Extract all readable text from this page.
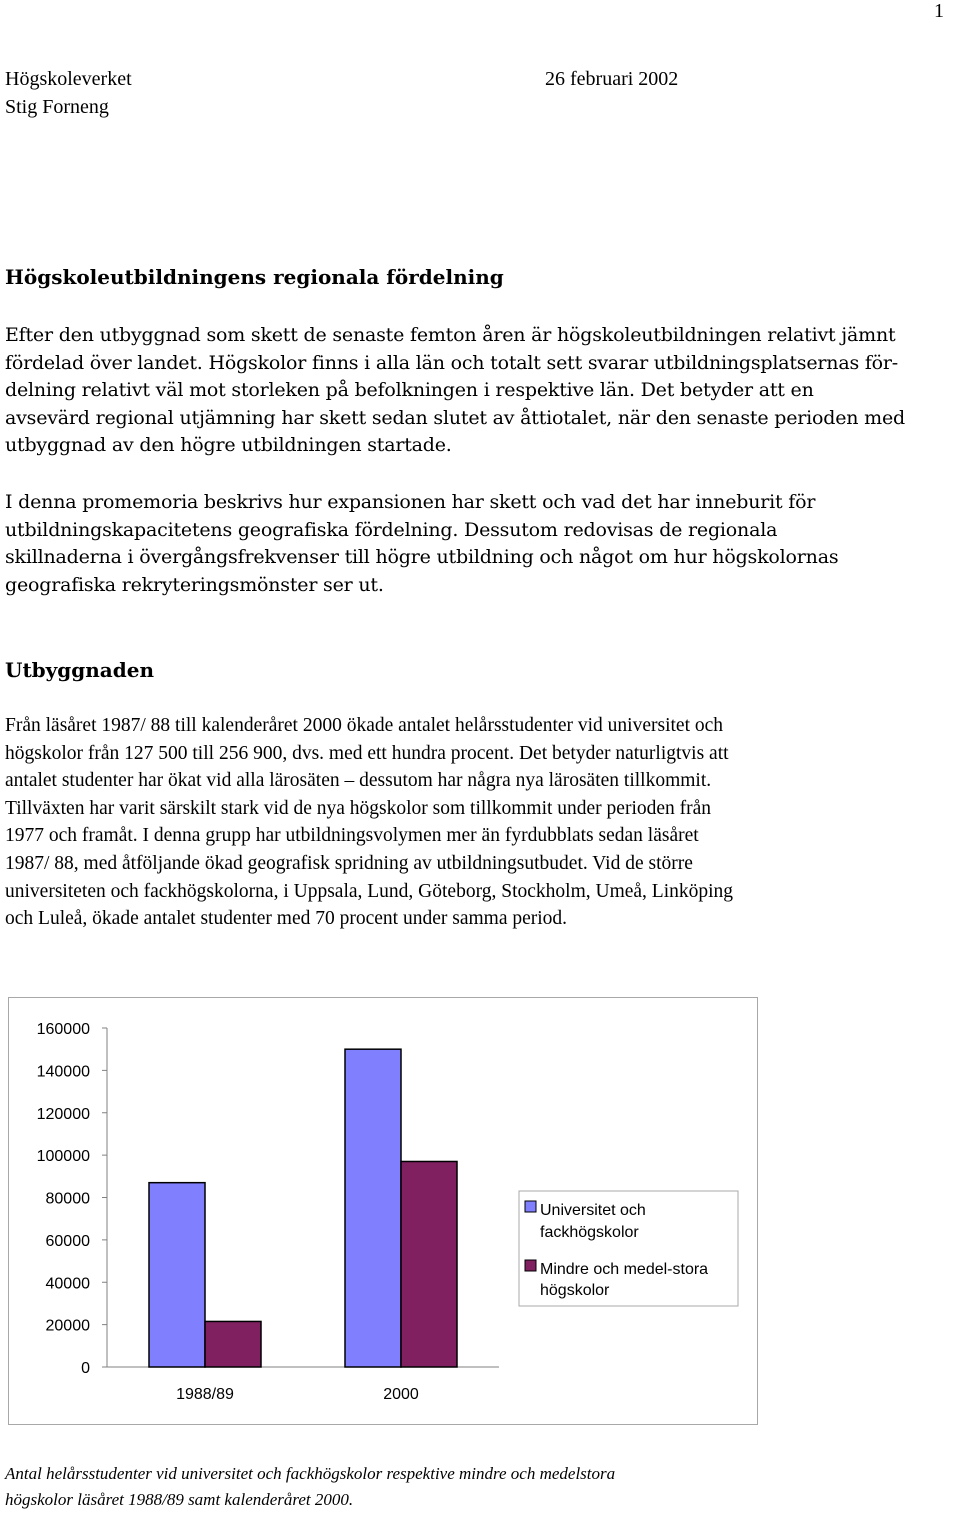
1
Högskoleverket
Stig Forneng
26 februari 2002
Högskoleutbildningens regionala fördelning
Efter den utbyggnad som skett de senaste femton åren är högskoleutbildningen relativt jämnt
fördelad över landet. Högskolor finns i alla län och totalt sett svarar utbildningsplatsernas för-
delning relativt väl mot storleken på befolkningen i respektive län. Det betyder att en
avsevärd regional utjämning har skett sedan slutet av åttiotalet, när den senaste perioden med
utbyggnad av den högre utbildningen startade.
I denna promemoria beskrivs hur expansionen har skett och vad det har inneburit för
utbildningskapacitetens geografiska fördelning. Dessutom redovisas de regionala
skillnaderna i övergångsfrekvenser till högre utbildning och något om hur högskolornas
geografiska rekryteringsmönster ser ut.
Utbyggnaden
Från läsåret 1987/ 88 till kalenderåret 2000 ökade antalet helårsstudenter vid universitet och
högskolor från 127 500 till 256 900, dvs. med ett hundra procent. Det betyder naturligtvis att
antalet studenter har ökat vid alla lärosäten – dessutom har några nya lärosäten tillkommit.
Tillväxten har varit särskilt stark vid de nya högskolor som tillkommit under perioden från
1977 och framåt. I denna grupp har utbildningsvolymen mer än fyrdubblats sedan läsåret
1987/ 88, med åtföljande ökad geografisk spridning av utbildningsutbudet. Vid de större
universiteten och fackhögskolorna, i Uppsala, Lund, Göteborg, Stockholm, Umeå, Linköping
och Luleå, ökade antalet studenter med 70 procent under samma period.
0
20000
40000
60000
80000
100000
120000
140000
160000
1988/89	2000
Universitet och
fackhögskolor
Mindre och medel-stora
högskolor
Antal helårsstudenter vid universitet och fackhögskolor respektive mindre och medelstora
högskolor läsåret 1988/89 samt kalenderåret 2000.
